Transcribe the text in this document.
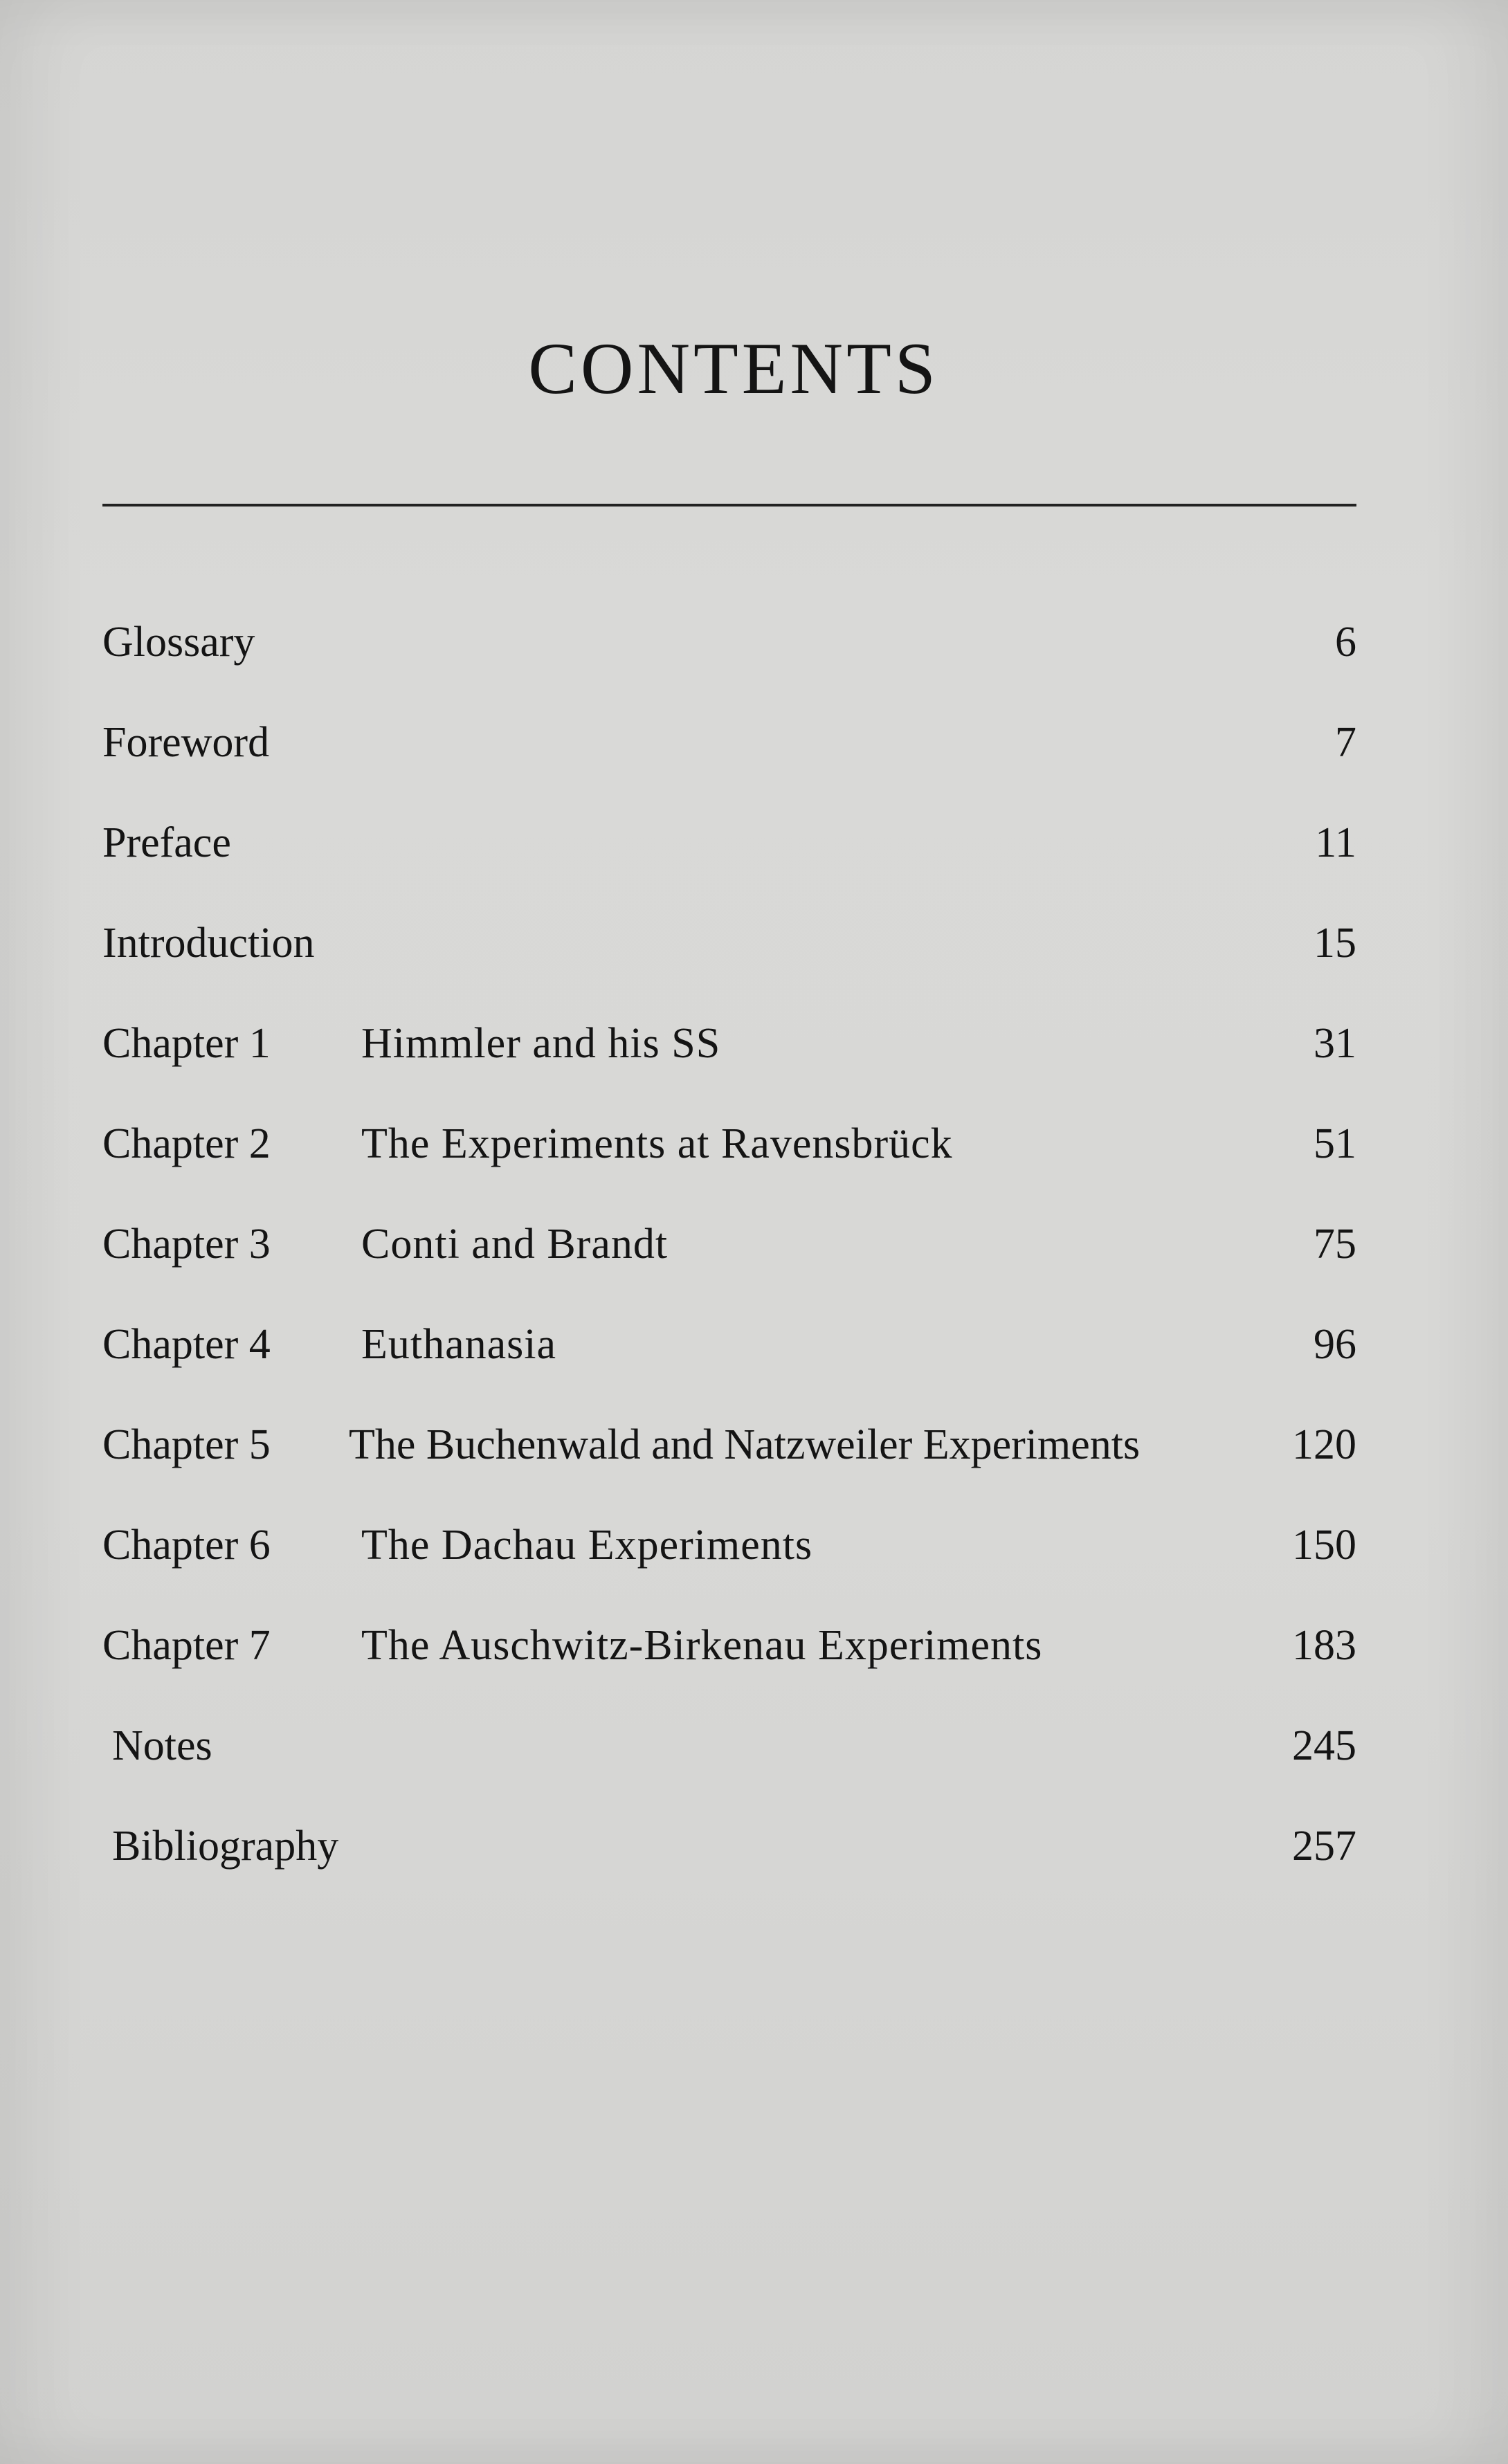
CONTENTS
Glossary	6
Foreword	7
Preface	11
Introduction	15
Chapter 1 Himmler and his SS	31
Chapter 2 The Experiments at Ravensbrück	51
Chapter 3 Conti and Brandt	75
Chapter 4 Euthanasia	96
Chapter 5 The Buchenwald and Natzweiler Experiments	120
Chapter 6 The Dachau Experiments	150
Chapter 7 The Auschwitz-Birkenau Experiments	183
Notes	245
Bibliography	257
